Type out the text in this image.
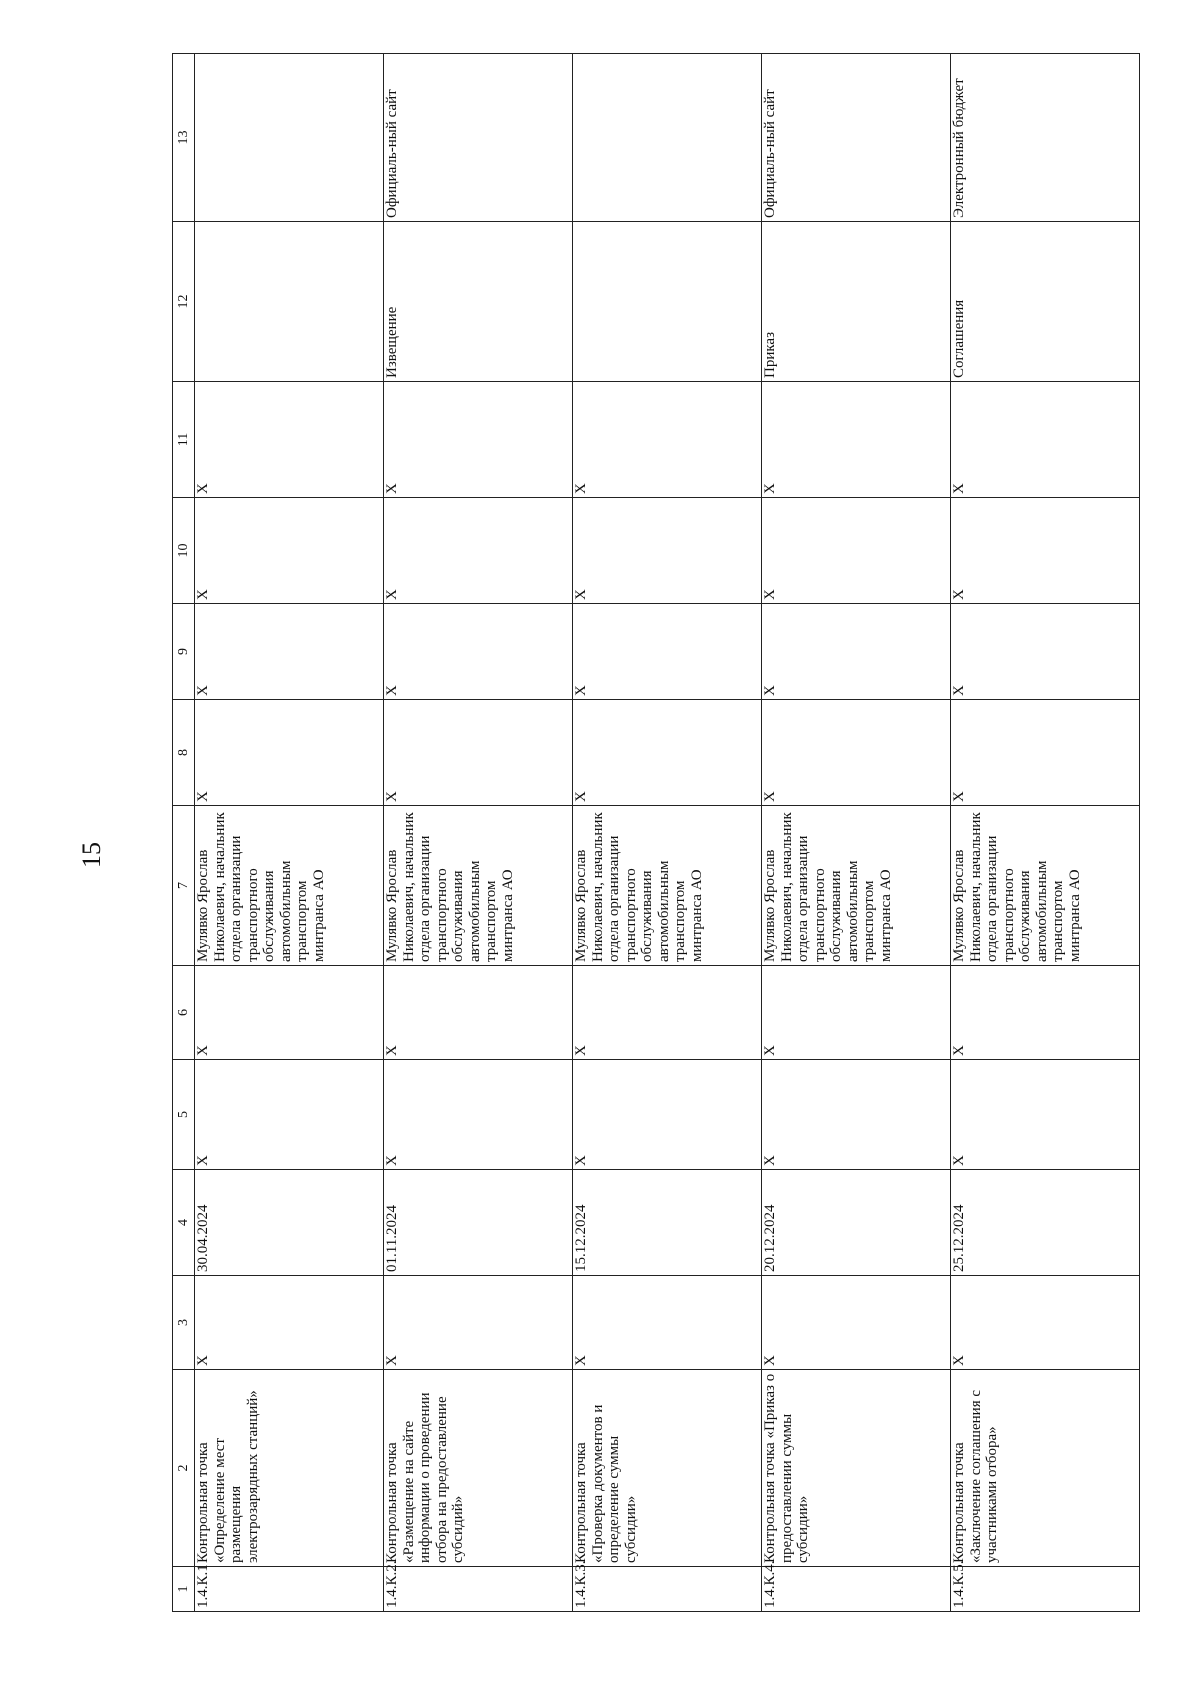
15
1	2	3	4	5	6	7	8	9	10	11	12	13
1.4.К.1	Контрольная точка «Определение мест размещения электрозарядных станций»	Х	30.04.2024	Х	Х	Мулявко Ярослав Николаевич, начальник отдела организации транспортного обслуживания автомобильным транспортом минтранса АО	Х	Х	Х	Х		
1.4.К.2.	Контрольная точка «Размещение на сайте информации о проведении отбора на предоставление субсидий»	Х	01.11.2024	Х	Х	Мулявко Ярослав Николаевич, начальник отдела организации транспортного обслуживания автомобильным транспортом минтранса АО	Х	Х	Х	Х	Извещение	Официаль-ный сайт
1.4.К.3.	Контрольная точка «Проверка документов и определение суммы субсидии»	Х	15.12.2024	Х	Х	Мулявко Ярослав Николаевич, начальник отдела организации транспортного обслуживания автомобильным транспортом минтранса АО	Х	Х	Х	Х		
1.4.К.4.	Контрольная точка «Приказ о предоставлении суммы субсидии»	Х	20.12.2024	Х	Х	Мулявко Ярослав Николаевич, начальник отдела организации транспортного обслуживания автомобильным транспортом минтранса АО	Х	Х	Х	Х	Приказ	Официаль-ный сайт
1.4.К.5.	Контрольная точка «Заключение соглашения с участниками отбора»	Х	25.12.2024	Х	Х	Мулявко Ярослав Николаевич, начальник отдела организации транспортного обслуживания автомобильным транспортом минтранса АО	Х	Х	Х	Х	Соглашения	Электронный бюджет
